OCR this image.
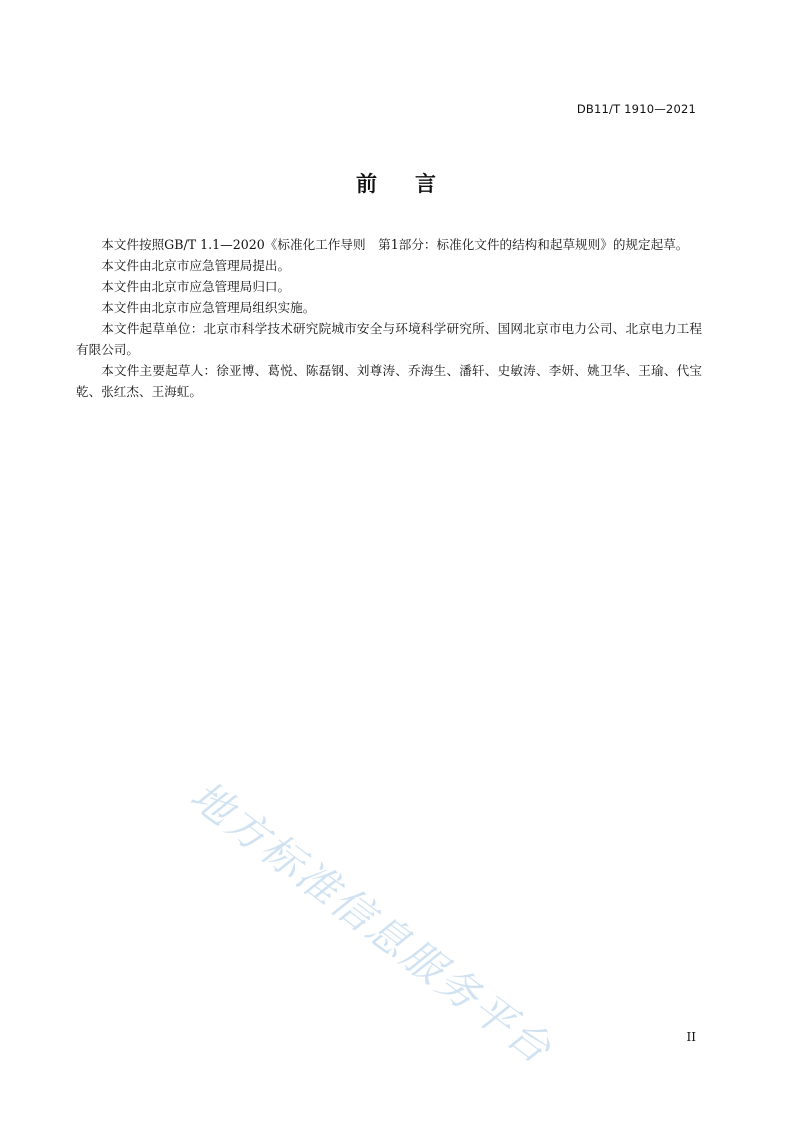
DB11/T 1910—2021
前 言

本文件按照GB/T 1.1—2020《标准化工作导则　第1部分：标准化文件的结构和起草规则》的规定起草。

本文件由北京市应急管理局提出。

本文件由北京市应急管理局归口。

本文件由北京市应急管理局组织实施。

本文件起草单位：北京市科学技术研究院城市安全与环境科学研究所、国网北京市电力公司、北京电力工程有限公司。

本文件主要起草人：徐亚博、葛悦、陈磊钢、刘尊涛、乔海生、潘轩、史敏涛、李妍、姚卫华、王瑜、代宝乾、张红杰、王海虹。

地方标准信息服务平台	II
